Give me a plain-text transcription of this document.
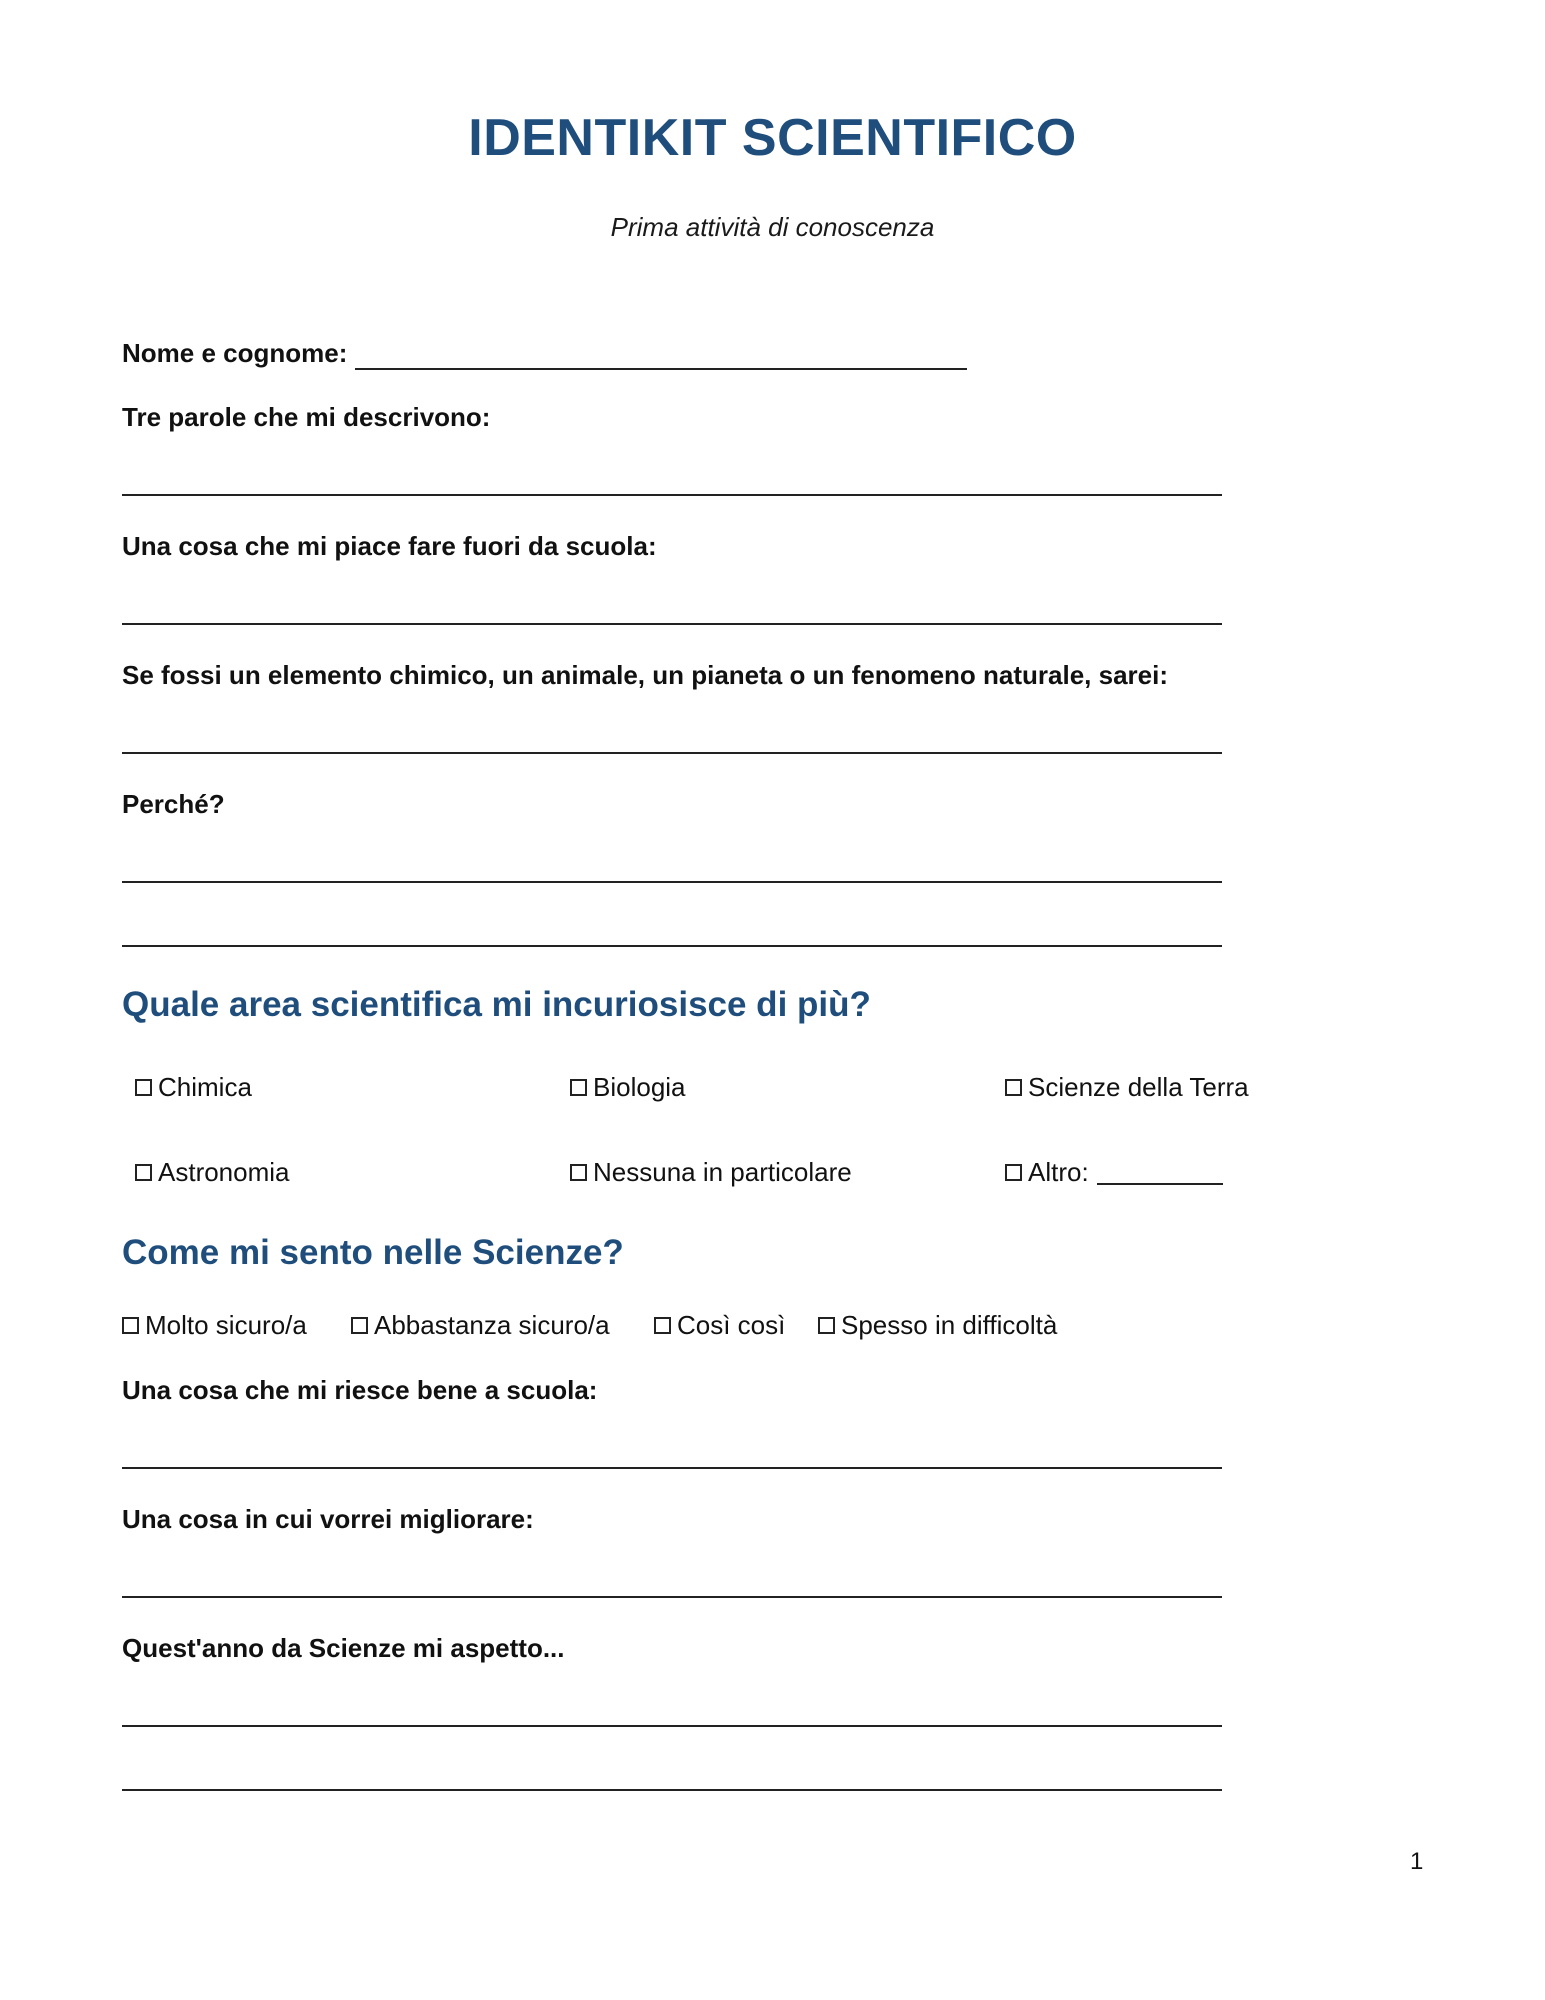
IDENTIKIT SCIENTIFICO
Prima attività di conoscenza
Nome e cognome:
Tre parole che mi descrivono:
Una cosa che mi piace fare fuori da scuola:
Se fossi un elemento chimico, un animale, un pianeta o un fenomeno naturale, sarei:
Perché?
Quale area scientifica mi incuriosisce di più?
Chimica	Biologia	Scienze della Terra
Astronomia	Nessuna in particolare	Altro:
Come mi sento nelle Scienze?
Molto sicuro/a	Abbastanza sicuro/a	Così così Spesso in difficoltà
Una cosa che mi riesce bene a scuola:
Una cosa in cui vorrei migliorare:
Quest'anno da Scienze mi aspetto...
1
